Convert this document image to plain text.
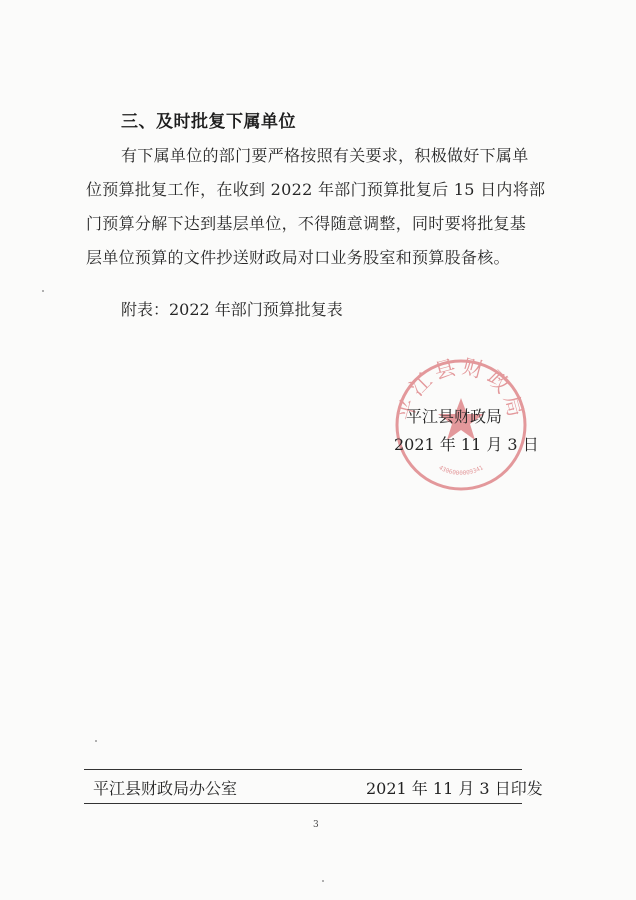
三、及时批复下属单位
有下属单位的部门要严格按照有关要求，积极做好下属单
位预算批复工作，在收到 2022 年部门预算批复后 15 日内将部
门预算分解下达到基层单位，不得随意调整，同时要将批复基
层单位预算的文件抄送财政局对口业务股室和预算股备核。
附表：2022 年部门预算批复表
平江县财政局
4306000009341
平江县财政局
2021 年 11 月 3 日
平江县财政局办公室	2021 年 11 月 3 日印发
3
